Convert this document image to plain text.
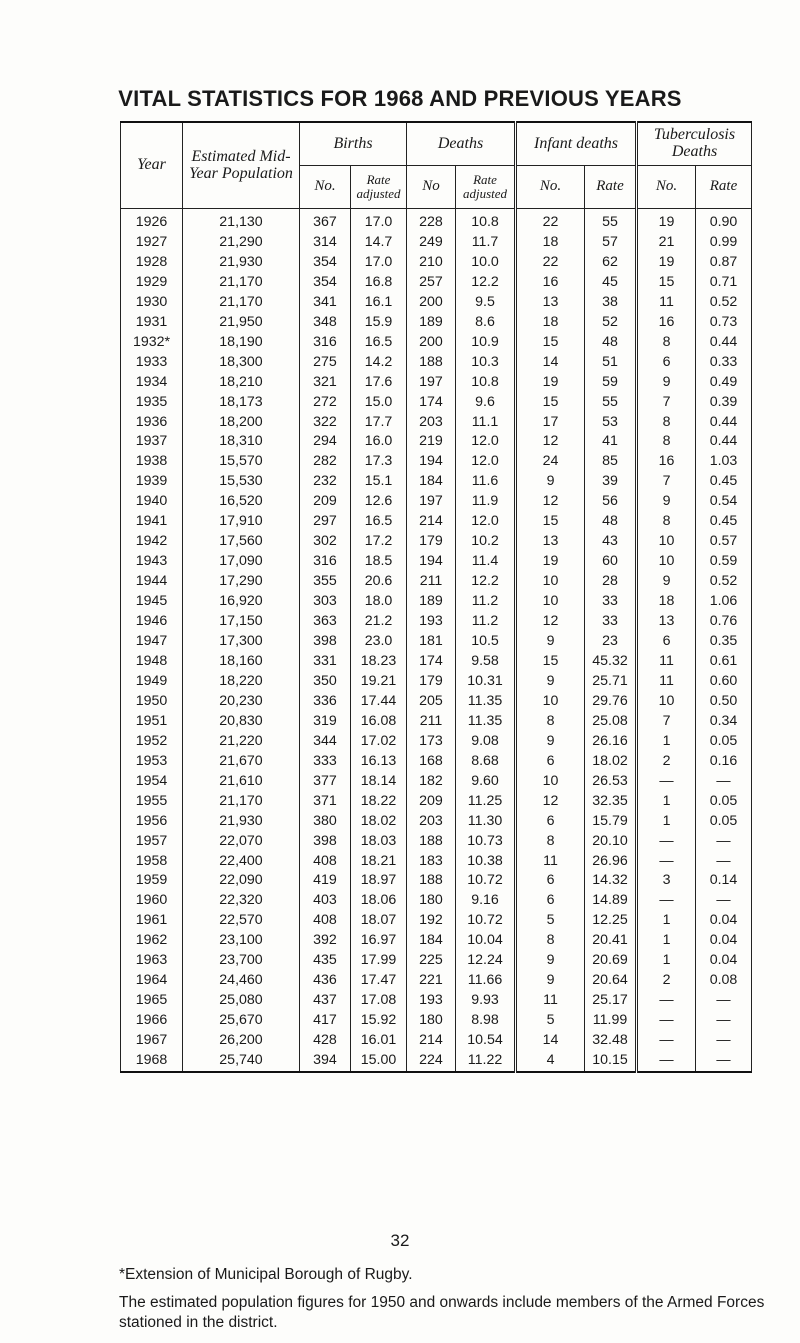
VITAL STATISTICS FOR 1968 AND PREVIOUS YEARS
Year	Estimated Mid-Year Population	Births		Deaths		Infant deaths		Tuberculosis Deaths	
		No.	Rate adjusted	No	Rate adjusted	No.	Rate	No.	Rate
1926	21,130	367	17.0	228	10.8	22	55	19	0.90
1927	21,290	314	14.7	249	11.7	18	57	21	0.99
1928	21,930	354	17.0	210	10.0	22	62	19	0.87
1929	21,170	354	16.8	257	12.2	16	45	15	0.71
1930	21,170	341	16.1	200	9.5	13	38	11	0.52
1931	21,950	348	15.9	189	8.6	18	52	16	0.73
1932*	18,190	316	16.5	200	10.9	15	48	8	0.44
1933	18,300	275	14.2	188	10.3	14	51	6	0.33
1934	18,210	321	17.6	197	10.8	19	59	9	0.49
1935	18,173	272	15.0	174	9.6	15	55	7	0.39
1936	18,200	322	17.7	203	11.1	17	53	8	0.44
1937	18,310	294	16.0	219	12.0	12	41	8	0.44
1938	15,570	282	17.3	194	12.0	24	85	16	1.03
1939	15,530	232	15.1	184	11.6	9	39	7	0.45
1940	16,520	209	12.6	197	11.9	12	56	9	0.54
1941	17,910	297	16.5	214	12.0	15	48	8	0.45
1942	17,560	302	17.2	179	10.2	13	43	10	0.57
1943	17,090	316	18.5	194	11.4	19	60	10	0.59
1944	17,290	355	20.6	211	12.2	10	28	9	0.52
1945	16,920	303	18.0	189	11.2	10	33	18	1.06
1946	17,150	363	21.2	193	11.2	12	33	13	0.76
1947	17,300	398	23.0	181	10.5	9	23	6	0.35
1948	18,160	331	18.23	174	9.58	15	45.32	11	0.61
1949	18,220	350	19.21	179	10.31	9	25.71	11	0.60
1950	20,230	336	17.44	205	11.35	10	29.76	10	0.50
1951	20,830	319	16.08	211	11.35	8	25.08	7	0.34
1952	21,220	344	17.02	173	9.08	9	26.16	1	0.05
1953	21,670	333	16.13	168	8.68	6	18.02	2	0.16
1954	21,610	377	18.14	182	9.60	10	26.53	—	—
1955	21,170	371	18.22	209	11.25	12	32.35	1	0.05
1956	21,930	380	18.02	203	11.30	6	15.79	1	0.05
1957	22,070	398	18.03	188	10.73	8	20.10	—	—
1958	22,400	408	18.21	183	10.38	11	26.96	—	—
1959	22,090	419	18.97	188	10.72	6	14.32	3	0.14
1960	22,320	403	18.06	180	9.16	6	14.89	—	—
1961	22,570	408	18.07	192	10.72	5	12.25	1	0.04
1962	23,100	392	16.97	184	10.04	8	20.41	1	0.04
1963	23,700	435	17.99	225	12.24	9	20.69	1	0.04
1964	24,460	436	17.47	221	11.66	9	20.64	2	0.08
1965	25,080	437	17.08	193	9.93	11	25.17	—	—
1966	25,670	417	15.92	180	8.98	5	11.99	—	—
1967	26,200	428	16.01	214	10.54	14	32.48	—	—
1968	25,740	394	15.00	224	11.22	4	10.15	—	—
32

*Extension of Municipal Borough of Rugby.

The estimated population figures for 1950 and onwards include members of the Armed Forces stationed in the district.
